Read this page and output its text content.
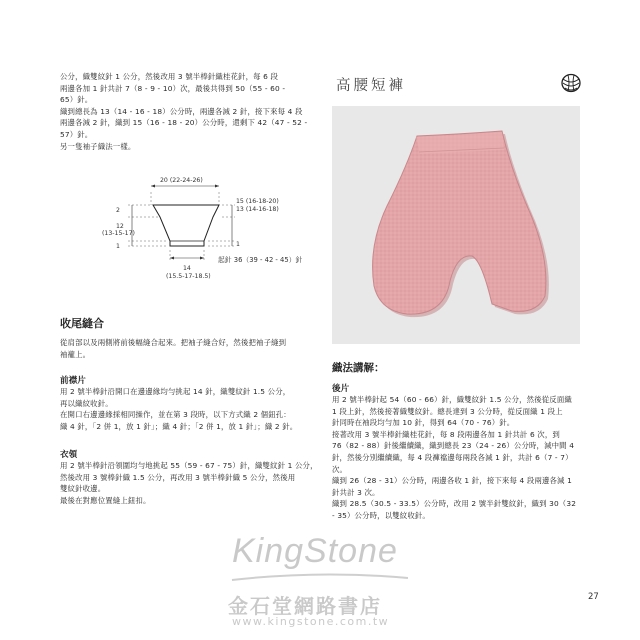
公分，織雙紋針 1 公分，然後改用 3 號半棒針織桂花針，每 6 段
兩邊各加 1 針共計 7（8 - 9 - 10）次，最後共得到 50（55 - 60 -
65）針。
織到總長為 13（14 - 16 - 18）公分時，兩邊各減 2 針，接下來每 4 段
兩邊各減 2 針，織到 15（16 - 18 - 20）公分時，還剩下 42（47 - 52 -
57）針。
另一隻袖子織法一樣。
20 (22-24-26)
15 (16-18-20)
13 (14-16-18)
1
2
12
(13-15-17)
1
14
(15.5-17-18.5)
起針 36（39 - 42 - 45）針
收尾縫合
從肩部以及兩側將前後幅縫合起來。把袖子縫合好，然後把袖子縫到
袖襱上。
前襟片
用 2 號半棒針沿開口在邊邊緣均勻挑起 14 針，織雙紋針 1.5 公分，
再以織紋收針。
在開口右邊邊緣採相同操作，並在第 3 段時，以下方式織 2 個鈕孔：
織 4 針，「2 併 1，放 1 針」；織 4 針；「2 併 1，放 1 針」；織 2 針。
衣領
用 2 號半棒針沿領圍均勻地挑起 55（59 - 67 - 75）針，織雙紋針 1 公分，
然後改用 3 號棒針織 1.5 公分，再改用 3 號半棒針織 5 公分，然後用
雙紋針收邊。
最後在對應位置縫上鈕扣。
高腰短褲
織法講解：
後片
用 2 號半棒針起 54（60 - 66）針，織雙紋針 1.5 公分，然後從反面織
1 段上針，然後接著織雙紋針。總長達到 3 公分時，從反面織 1 段上
針同時在袖段均勻加 10 針，得到 64（70 - 76）針。
接著改用 3 號半棒針織桂花針，每 8 段兩邊各加 1 針共計 6 次，到
76（82 - 88）針後繼續織，織到總長 23（24 - 26）公分時，減中間 4
針，然後分別繼續織，每 4 段褲襠邊每兩段各減 1 針，共計 6（7 - 7）
次。
織到 26（28 - 31）公分時，兩邊各收 1 針，接下來每 4 段兩邊各減 1
針共計 3 次。
織到 28.5（30.5 - 33.5）公分時，改用 2 號半針雙紋針，織到 30（32
- 35）公分時，以雙紋收針。
KingStone
金石堂網路書店
www.kingstone.com.tw
27
